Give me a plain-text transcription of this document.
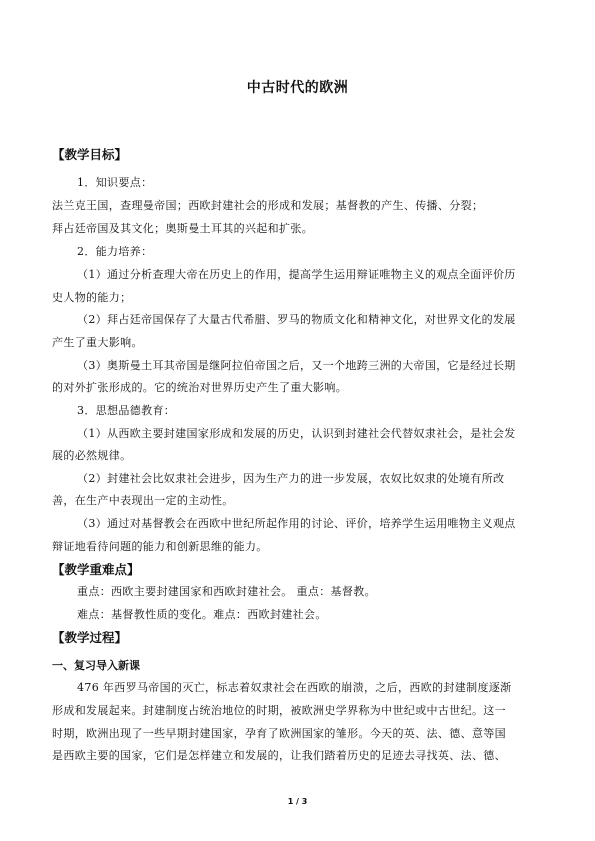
中古时代的欧洲
【教学目标】
1．知识要点：
法兰克王国，查理曼帝国；西欧封建社会的形成和发展；基督教的产生、传播、分裂；
拜占廷帝国及其文化；奥斯曼土耳其的兴起和扩张。
2．能力培养：
（1）通过分析查理大帝在历史上的作用，提高学生运用辩证唯物主义的观点全面评价历
史人物的能力；
（2）拜占廷帝国保存了大量古代希腊、罗马的物质文化和精神文化，对世界文化的发展
产生了重大影响。
（3）奥斯曼土耳其帝国是继阿拉伯帝国之后，又一个地跨三洲的大帝国，它是经过长期
的对外扩张形成的。它的统治对世界历史产生了重大影响。
3．思想品德教育：
（1）从西欧主要封建国家形成和发展的历史，认识到封建社会代替奴隶社会，是社会发
展的必然规律。
（2）封建社会比奴隶社会进步，因为生产力的进一步发展，农奴比奴隶的处境有所改
善，在生产中表现出一定的主动性。
（3）通过对基督教会在西欧中世纪所起作用的讨论、评价，培养学生运用唯物主义观点
辩证地看待问题的能力和创新思维的能力。
【教学重难点】
重点：西欧主要封建国家和西欧封建社会。 重点：基督教。
难点：基督教性质的变化。难点：西欧封建社会。
【教学过程】
一、复习导入新课
476 年西罗马帝国的灭亡，标志着奴隶社会在西欧的崩溃，之后，西欧的封建制度逐渐
形成和发展起来。封建制度占统治地位的时期，被欧洲史学界称为中世纪或中古世纪。这一
时期，欧洲出现了一些早期封建国家，孕育了欧洲国家的雏形。今天的英、法、德、意等国
是西欧主要的国家，它们是怎样建立和发展的，让我们踏着历史的足迹去寻找英、法、德、
1 / 3
